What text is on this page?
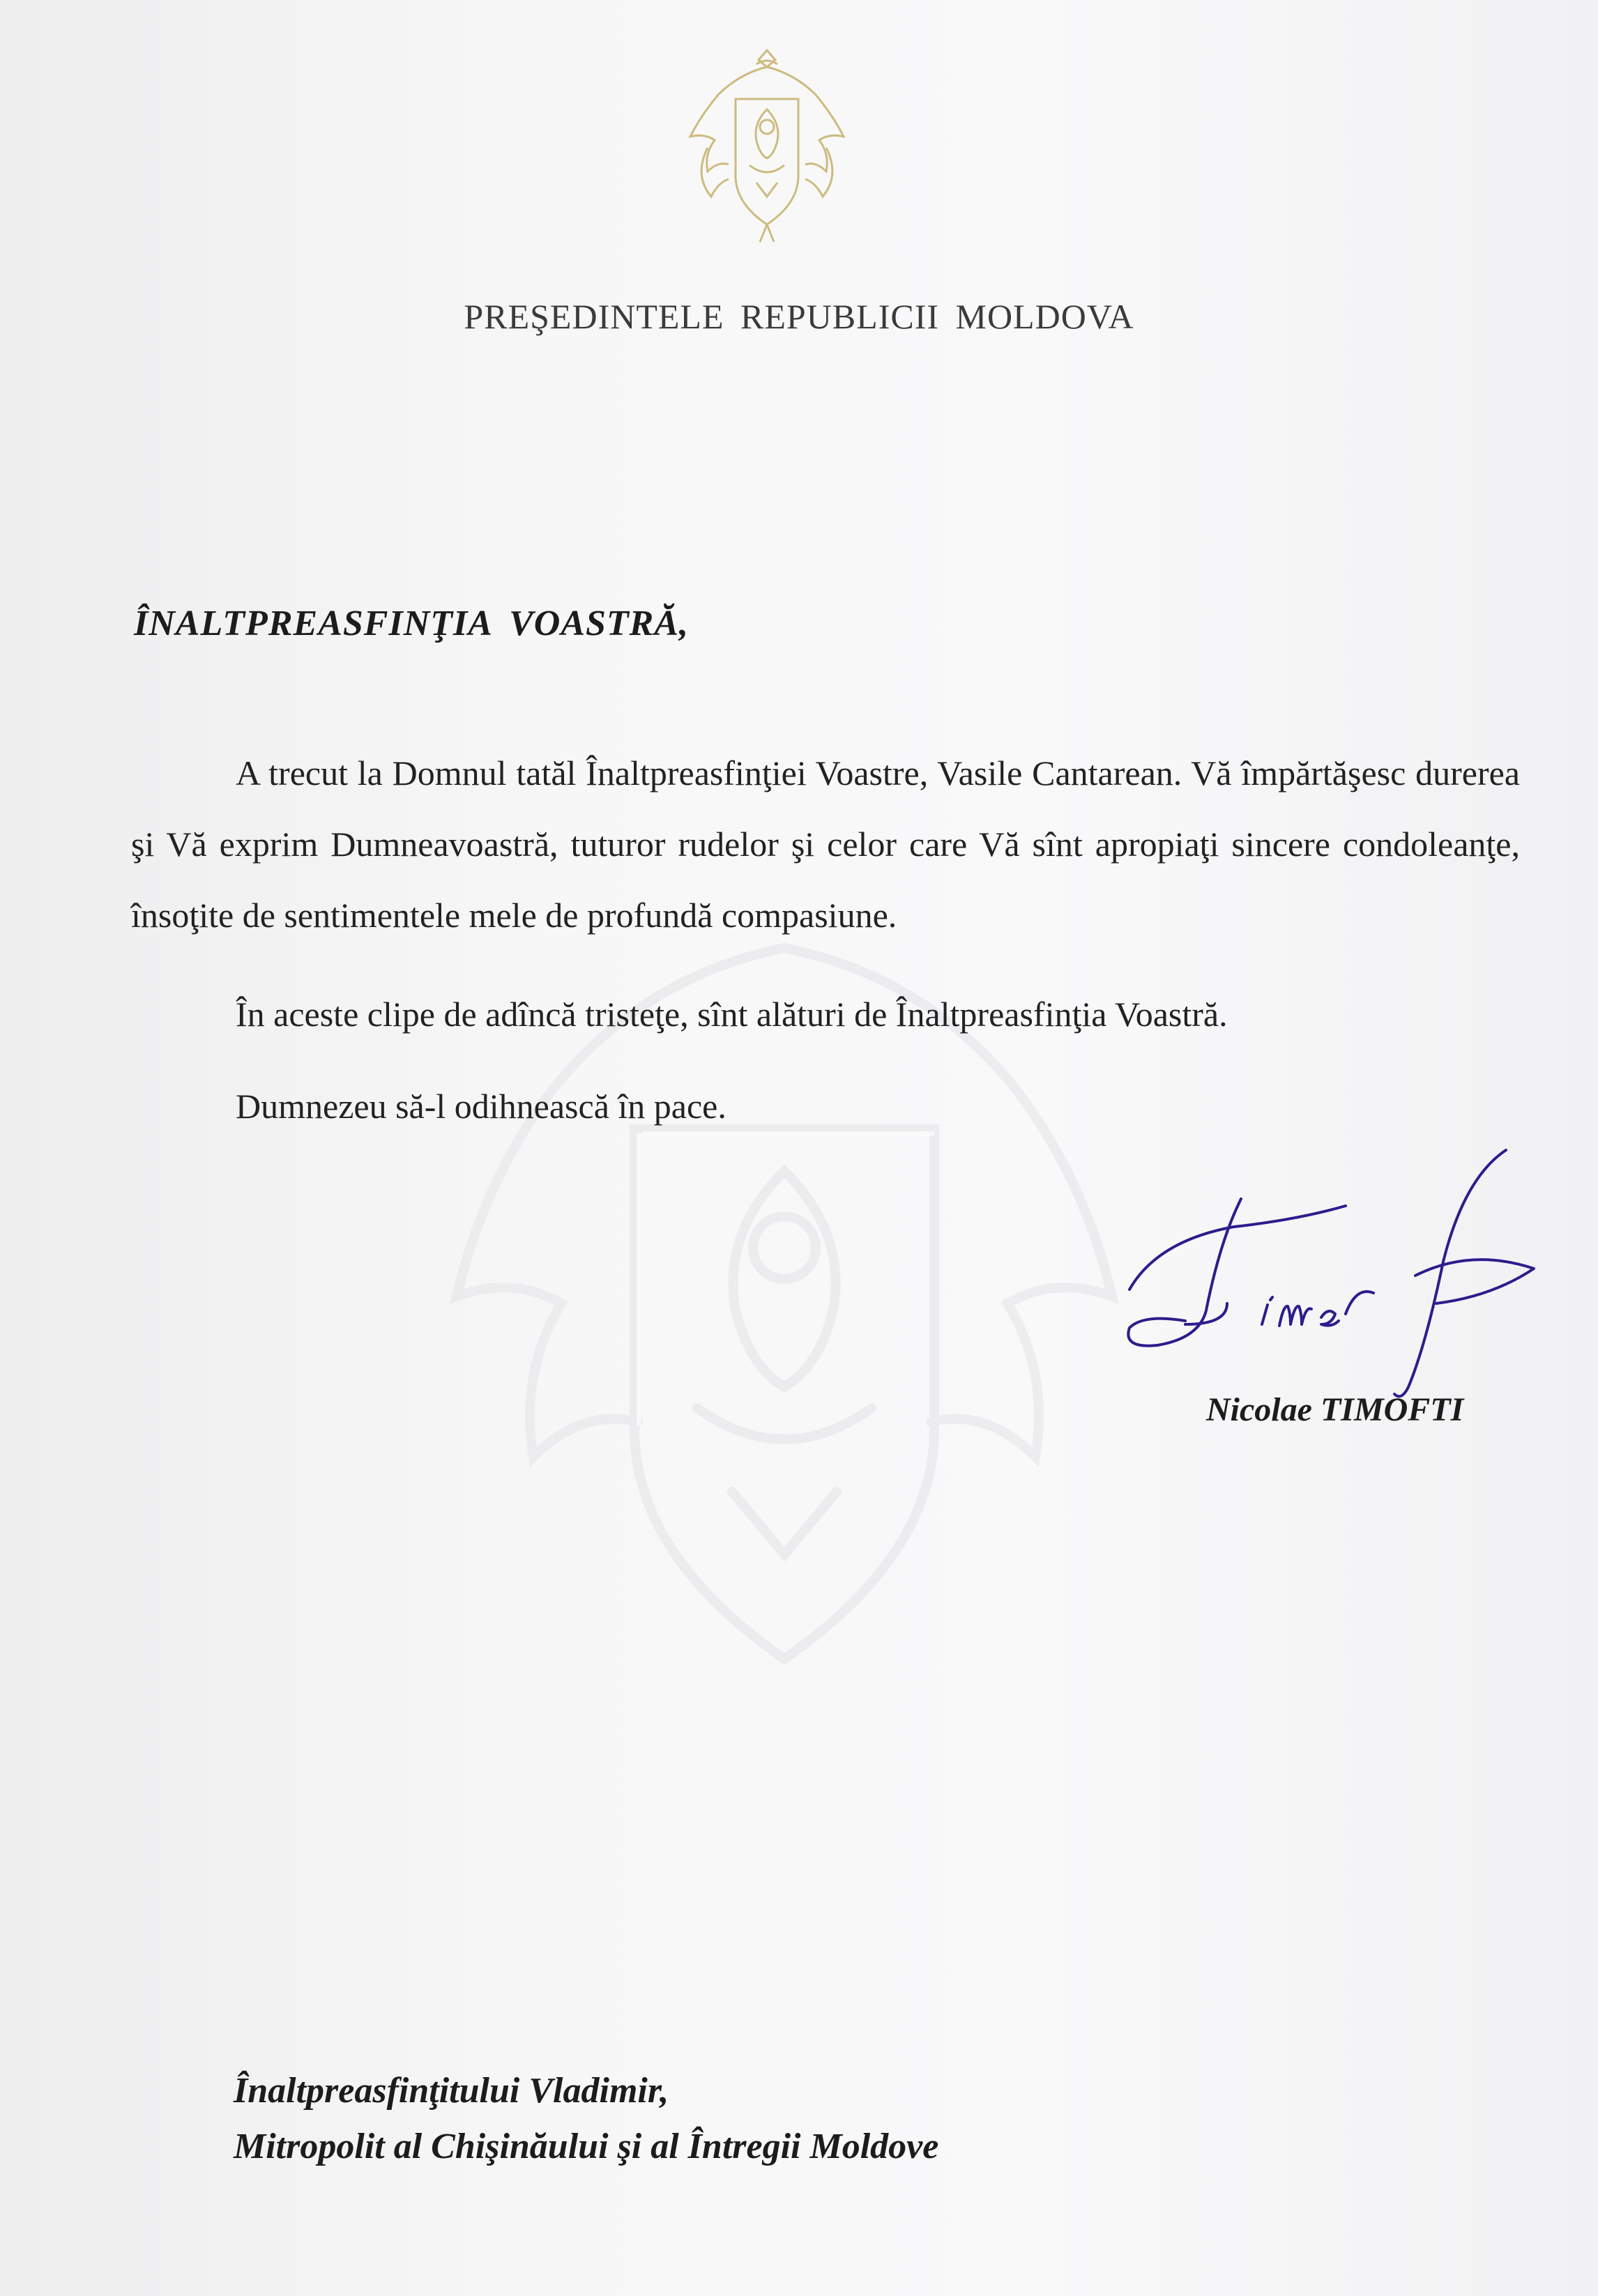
PREŞEDINTELE REPUBLICII MOLDOVA
ÎNALTPREASFINŢIA VOASTRĂ,

A trecut la Domnul tatăl Înaltpreasfinţiei Voastre, Vasile Cantarean. Vă împărtăşesc durerea şi Vă exprim Dumneavoastră, tuturor rudelor şi celor care Vă sînt apropiaţi sincere condoleanţe, însoţite de sentimentele mele de profundă compasiune.

În aceste clipe de adîncă tristeţe, sînt alături de Înaltpreasfinţia Voastră.

Dumnezeu să-l odihnească în pace.

Nicolae TIMOFTI
Înaltpreasfinţitului Vladimir,
Mitropolit al Chişinăului şi al Întregii Moldove
